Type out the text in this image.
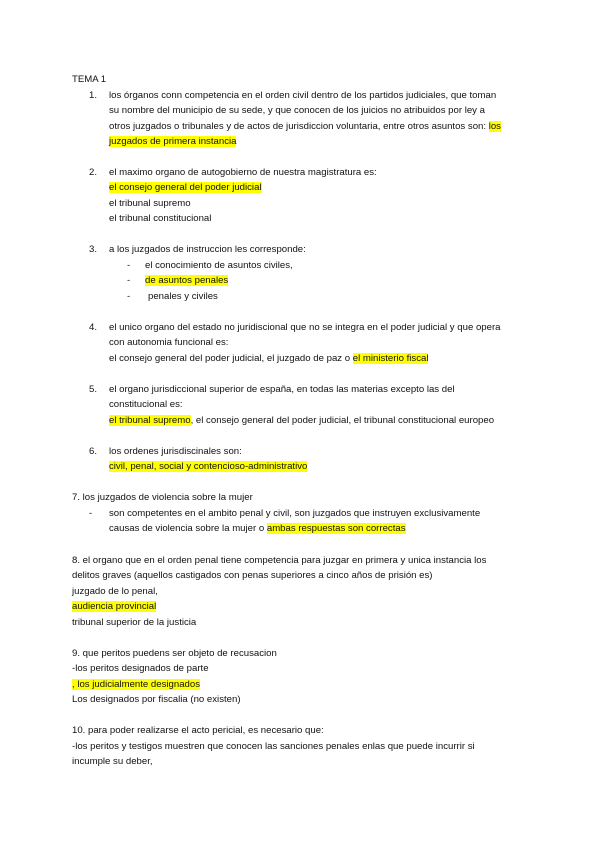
TEMA 1
1. los órganos conn competencia en el orden civil dentro de los partidos judiciales, que toman
su nombre del municipio de su sede, y que conocen de los juicios no atribuidos por ley a
otros juzgados o tribunales y de actos de jurisdiccion voluntaria, entre otros asuntos son: los
juzgados de primera instancia
2. el maximo organo de autogobierno de nuestra magistratura es:
el consejo general del poder judicial
el tribunal supremo
el tribunal constitucional
3. a los juzgados de instruccion les corresponde:
- el conocimiento de asuntos civiles,
- de asuntos penales
- penales y civiles
4. el unico organo del estado no juridiscional que no se integra en el poder judicial y que opera
con autonomia funcional es:
el consejo general del poder judicial, el juzgado de paz o el ministerio fiscal
5. el organo jurisdiccional superior de españa, en todas las materias excepto las del
constitucional es:
el tribunal supremo, el consejo general del poder judicial, el tribunal constitucional europeo
6. los ordenes jurisdiscinales son:
civil, penal, social y contencioso-administrativo
7. los juzgados de violencia sobre la mujer
- son competentes en el ambito penal y civil, son juzgados que instruyen exclusivamente
causas de violencia sobre la mujer o ambas respuestas son correctas
8. el organo que en el orden penal tiene competencia para juzgar en primera y unica instancia los
delitos graves (aquellos castigados con penas superiores a cinco años de prisión es)
juzgado de lo penal,
audiencia provincial
tribunal superior de la justicia
9. que peritos puedens ser objeto de recusacion
-los peritos designados de parte
, los judicialmente designados
Los designados por fiscalia (no existen)
10. para poder realizarse el acto pericial, es necesario que:
-los peritos y testigos muestren que conocen las sanciones penales enlas que puede incurrir si
incumple su deber,
